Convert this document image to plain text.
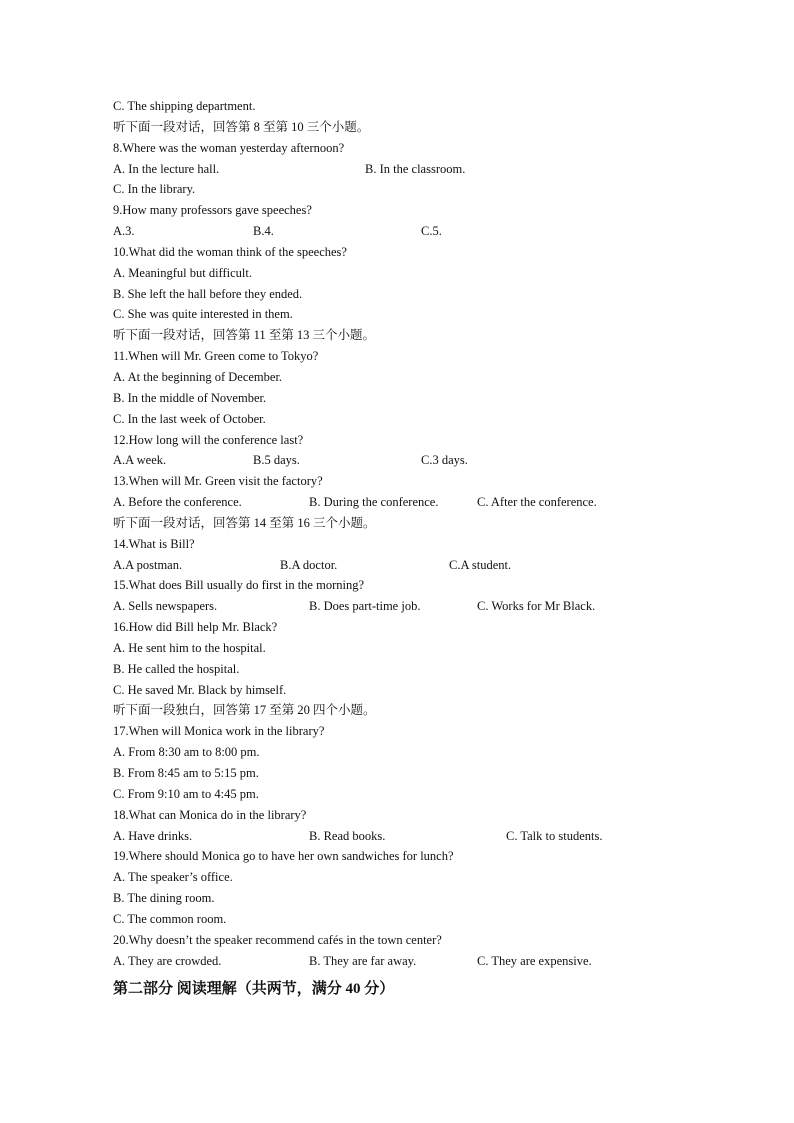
C. The shipping department.
听下面一段对话，回答第 8 至第 10 三个小题。
8.Where was the woman yesterday afternoon?
A. In the lecture hall.	B. In the classroom.
C. In the library.
9.How many professors gave speeches?
A.3.	B.4.	C.5.
10.What did the woman think of the speeches?
A. Meaningful but difficult.
B. She left the hall before they ended.
C. She was quite interested in them.
听下面一段对话，回答第 11 至第 13 三个小题。
11.When will Mr. Green come to Tokyo?
A. At the beginning of December.
B. In the middle of November.
C. In the last week of October.
12.How long will the conference last?
A.A week.	B.5 days.	C.3 days.
13.When will Mr. Green visit the factory?
A. Before the conference.	B. During the conference.	C. After the conference.
听下面一段对话，回答第 14 至第 16 三个小题。
14.What is Bill?
A.A postman.	B.A doctor.	C.A student.
15.What does Bill usually do first in the morning?
A. Sells newspapers.	B. Does part-time job.	C. Works for Mr Black.
16.How did Bill help Mr. Black?
A. He sent him to the hospital.
B. He called the hospital.
C. He saved Mr. Black by himself.
听下面一段独白，回答第 17 至第 20 四个小题。
17.When will Monica work in the library?
A. From 8:30 am to 8:00 pm.
B. From 8:45 am to 5:15 pm.
C. From 9:10 am to 4:45 pm.
18.What can Monica do in the library?
A. Have drinks.	B. Read books.	C. Talk to students.
19.Where should Monica go to have her own sandwiches for lunch?
A. The speaker’s office.
B. The dining room.
C. The common room.
20.Why doesn’t the speaker recommend cafés in the town center?
A. They are crowded.	B. They are far away.	C. They are expensive.
第二部分 阅读理解（共两节，满分 40 分）
